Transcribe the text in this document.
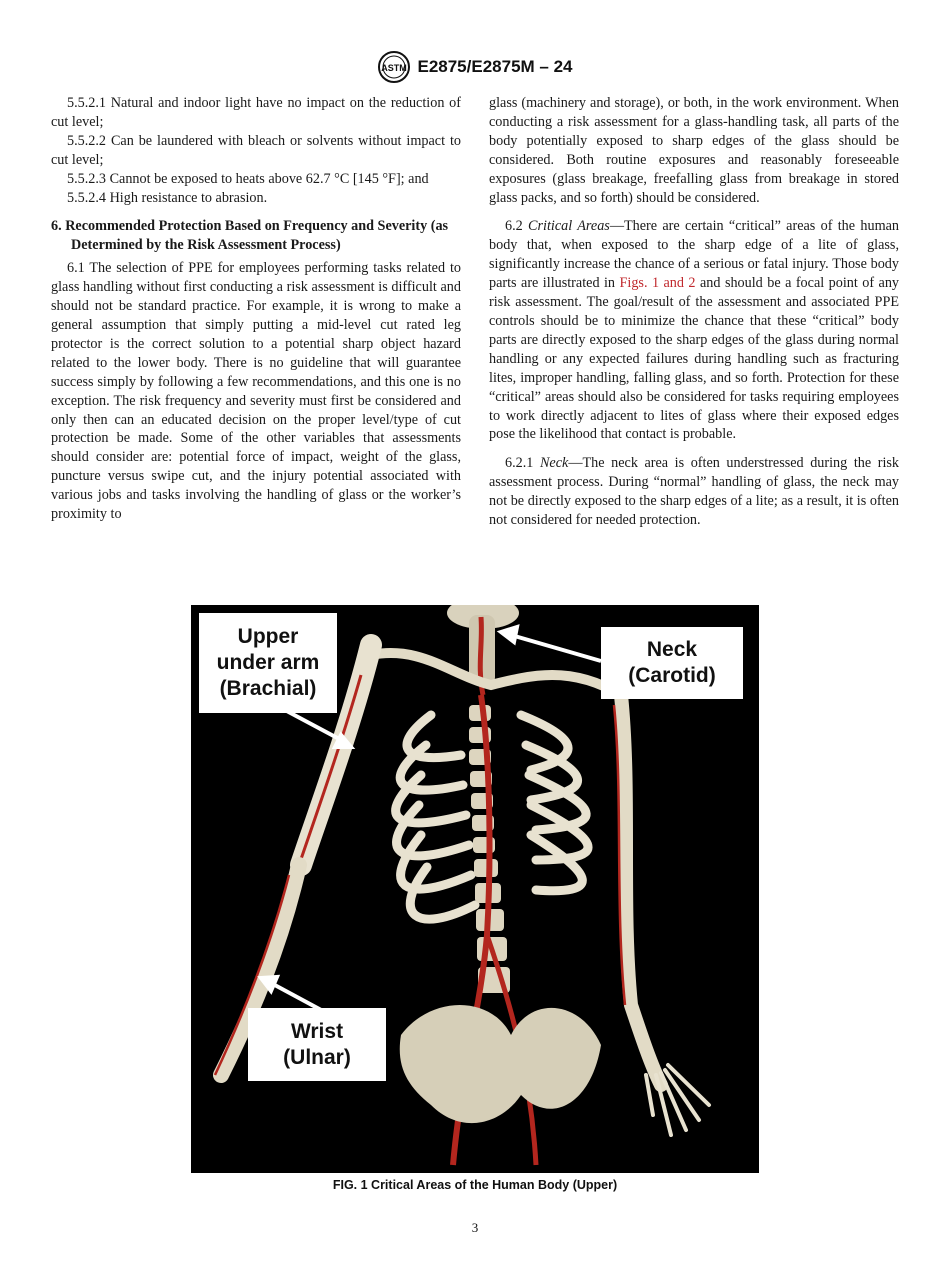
ASTM E2875/E2875M – 24

5.5.2.1 Natural and indoor light have no impact on the reduction of cut level;

5.5.2.2 Can be laundered with bleach or solvents without impact to cut level;

5.5.2.3 Cannot be exposed to heats above 62.7 °C [145 °F]; and

5.5.2.4 High resistance to abrasion.

6. Recommended Protection Based on Frequency and Severity (as Determined by the Risk Assessment Process)

6.1 The selection of PPE for employees performing tasks related to glass handling without first conducting a risk assessment is difficult and should not be standard practice. For example, it is wrong to make a general assumption that simply putting a mid-level cut rated leg protector is the correct solution to a potential sharp object hazard related to the lower body. There is no guideline that will guarantee success simply by following a few recommendations, and this one is no exception. The risk frequency and severity must first be considered and only then can an educated decision on the proper level/type of cut protection be made. Some of the other variables that assessments should consider are: potential force of impact, weight of the glass, puncture versus swipe cut, and the injury potential associated with various jobs and tasks involving the handling of glass or the worker’s proximity to

glass (machinery and storage), or both, in the work environment. When conducting a risk assessment for a glass-handling task, all parts of the body potentially exposed to sharp edges of the glass should be considered. Both routine exposures and reasonably foreseeable exposures (glass breakage, freefalling glass from breakage in stored glass packs, and so forth) should be considered.

6.2 Critical Areas—There are certain “critical” areas of the human body that, when exposed to the sharp edge of a lite of glass, significantly increase the chance of a serious or fatal injury. Those body parts are illustrated in Figs. 1 and 2 and should be a focal point of any risk assessment. The goal/result of the assessment and associated PPE controls should be to minimize the chance that these “critical” body parts are directly exposed to the sharp edges of the glass during normal handling or any expected failures during handling such as fracturing lites, improper handling, falling glass, and so forth. Protection for these “critical” areas should also be considered for tasks requiring employees to work directly adjacent to lites of glass where their exposed edges pose the likelihood that contact is probable.

6.2.1 Neck—The neck area is often understressed during the risk assessment process. During “normal” handling of glass, the neck may not be directly exposed to the sharp edges of a lite; as a result, it is often not considered for needed protection.

Upper
under arm
(Brachial)
Neck
(Carotid)
Wrist
(Ulnar)
FIG. 1 Critical Areas of the Human Body (Upper)
3
